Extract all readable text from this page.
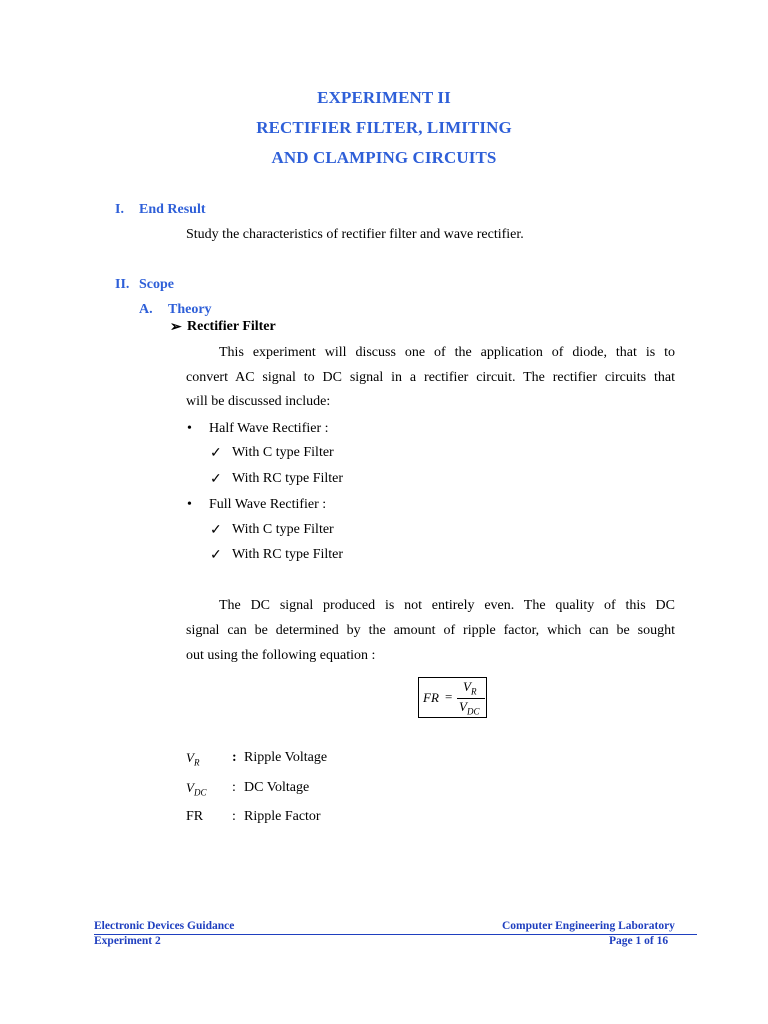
EXPERIMENT II
RECTIFIER FILTER, LIMITING
AND CLAMPING CIRCUITS
I. End Result
Study the characteristics of rectifier filter and wave rectifier.
II. Scope
A. Theory
➢ Rectifier Filter
This experiment will discuss one of the application of diode, that is to
convert AC signal to DC signal in a rectifier circuit. The rectifier circuits that
will be discussed include:
• Half Wave Rectifier :
✓ With C type Filter
✓ With RC type Filter
• Full Wave Rectifier :
✓ With C type Filter
✓ With RC type Filter
The DC signal produced is not entirely even. The quality of this DC
signal can be determined by the amount of ripple factor, which can be sought
out using the following equation :
FR =
$V_R$
$V_{DC}$
$V_R$ : Ripple Voltage
$V_{DC}$ : DC Voltage
FR : Ripple Factor
Electronic Devices Guidance	Computer Engineering Laboratory
Experiment 2	Page 1 of 16
